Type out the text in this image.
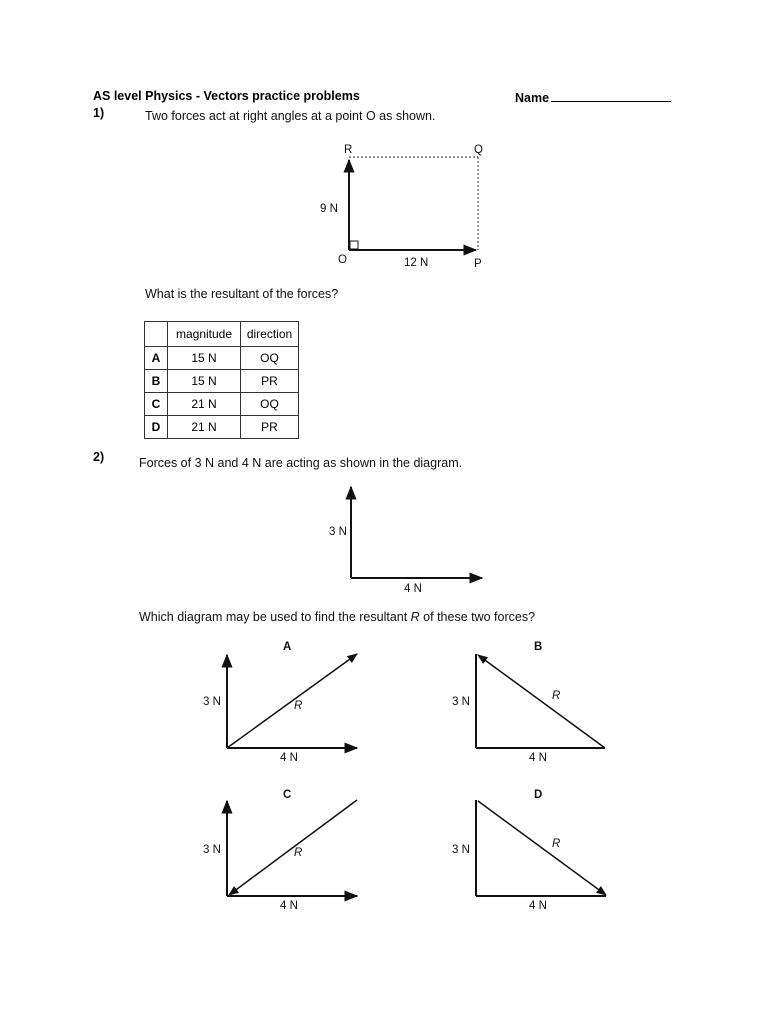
AS level Physics - Vectors practice problems	Name
1)	Two forces act at right angles at a point O as shown.
R	Q
O	P
9 N
12 N
What is the resultant of the forces?
	magnitude	direction
A	15 N	OQ
B	15 N	PR
C	21 N	OQ
D	21 N	PR
2)	Forces of 3 N and 4 N are acting as shown in the diagram.
3 N
4 N
Which diagram may be used to find the resultant R of these two forces?
A
3 N
4 N
R
B
3 N
4 N
R
C
3 N
4 N
R
D
3 N
4 N
R
